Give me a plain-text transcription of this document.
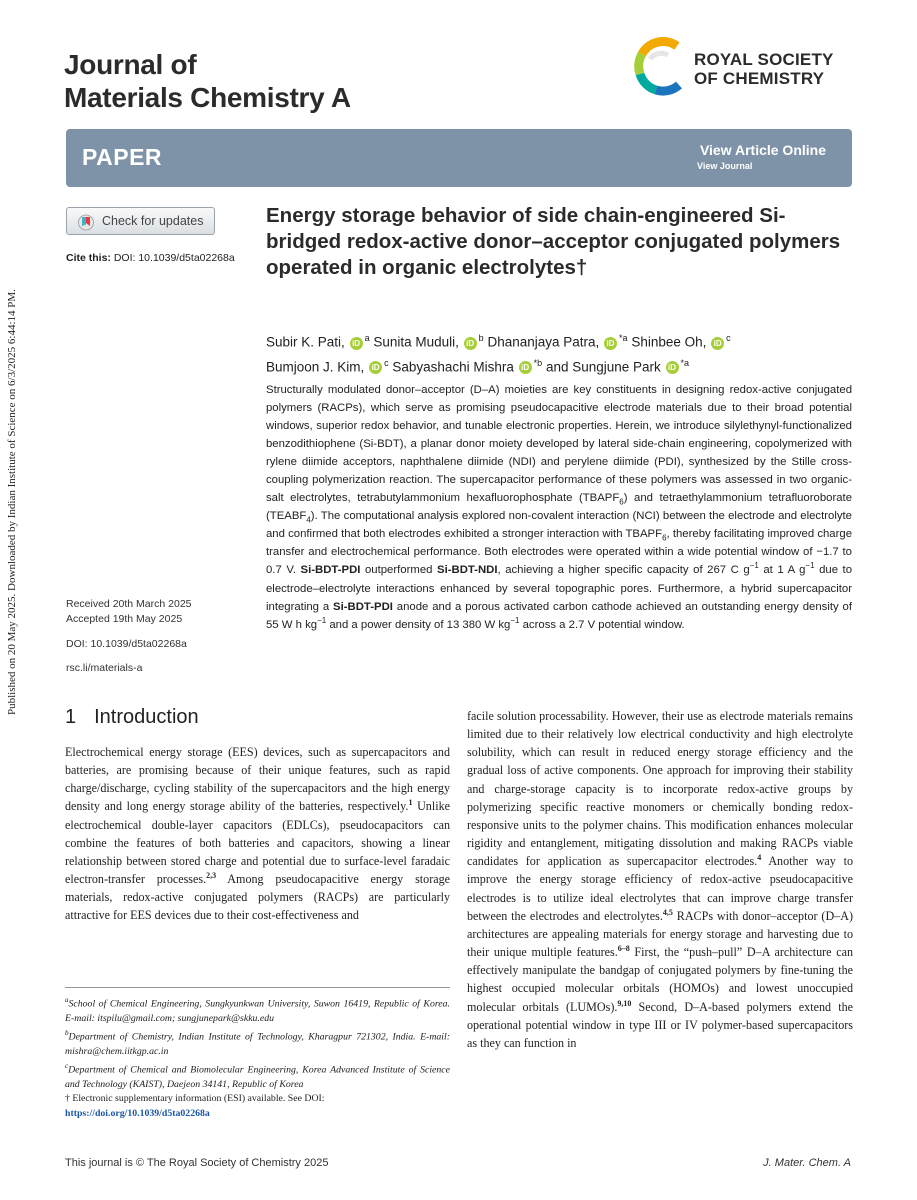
Published on 20 May 2025. Downloaded by Indian Institute of Science on 6/3/2025 6:44:14 PM.
Journal of
Materials Chemistry A
ROYAL SOCIETY
OF CHEMISTRY
PAPER	View Article Online
View Journal
Check for updates
Cite this: DOI: 10.1039/d5ta02268a
Received 20th March 2025
Accepted 19th May 2025
DOI: 10.1039/d5ta02268a
rsc.li/materials-a
Energy storage behavior of side chain-engineered Si-bridged redox-active donor–acceptor conjugated polymers operated in organic electrolytes†

Subir K. Pati, iD $^a$ Sunita Muduli, iD $^b$ Dhananjaya Patra, iD $^{*a}$ Shinbee Oh, iD $^c$
Bumjoon J. Kim, iD $^c$ Sabyashachi Mishra iD $^{*b}$ and Sungjune Park iD $^{*a}$

Structurally modulated donor–acceptor (D–A) moieties are key constituents in designing redox-active conjugated polymers (RACPs), which serve as promising pseudocapacitive electrode materials due to their broad potential windows, superior redox behavior, and tunable electronic properties. Herein, we introduce silylethynyl-functionalized benzodithiophene (Si-BDT), a planar donor moiety developed by lateral side-chain engineering, copolymerized with rylene diimide acceptors, naphthalene diimide (NDI) and perylene diimide (PDI), synthesized by the Stille cross-coupling polymerization reaction. The supercapacitor performance of these polymers was assessed in two organic-salt electrolytes, tetrabutylammonium hexafluorophosphate $(TBAPF_6)$ and tetraethylammonium tetrafluoroborate $(TEABF_4)$. The computational analysis explored non-covalent interaction (NCI) between the electrode and electrolyte and confirmed that both electrodes exhibited a stronger interaction with $TBAPF_6$, thereby facilitating improved charge transfer and electrochemical performance. Both electrodes were operated within a wide potential window of −1.7 to 0.7 V. Si-BDT-PDI outperformed Si-BDT-NDI, achieving a higher specific capacity of 267 C $g^{-1}$ at 1 A $g^{-1}$ due to electrode–electrolyte interactions enhanced by several topographic pores. Furthermore, a hybrid supercapacitor integrating a Si-BDT-PDI anode and a porous activated carbon cathode achieved an outstanding energy density of 55 W h $kg^{-1}$ and a power density of 13 380 W $kg^{-1}$ across a 2.7 V potential window.

1 Introduction

Electrochemical energy storage (EES) devices, such as supercapacitors and batteries, are promising because of their unique features, such as rapid charge/discharge, cycling stability of the supercapacitors and the high energy density and long energy storage ability of the batteries, respectively.$^1$ Unlike electrochemical double-layer capacitors (EDLCs), pseudocapacitors can combine the features of both batteries and capacitors, showing a linear relationship between stored charge and potential due to surface-level faradaic electron-transfer processes.$^{2,3}$ Among pseudocapacitive energy storage materials, redox-active conjugated polymers (RACPs) are particularly attractive for EES devices due to their cost-effectiveness and

facile solution processability. However, their use as electrode materials remains limited due to their relatively low electrical conductivity and high electrolyte solubility, which can result in reduced energy storage efficiency and the gradual loss of active components. One approach for improving their stability and charge-storage capacity is to incorporate redox-active groups by polymerizing specific reactive monomers or chemically bonding redox-responsive units to the polymer chains. This modification enhances molecular rigidity and entanglement, mitigating dissolution and making RACPs viable candidates for application as supercapacitor electrodes.$^4$ Another way to improve the energy storage efficiency of redox-active pseudocapacitive electrodes is to utilize ideal electrolytes that can improve charge transfer between the electrodes and electrolytes.$^{4,5}$ RACPs with donor–acceptor (D–A) architectures are appealing materials for energy storage and harvesting due to their unique multiple features.$^{6-8}$ First, the “push–pull” D–A architecture can effectively manipulate the bandgap of conjugated polymers by fine-tuning the highest occupied molecular orbitals (HOMOs) and lowest unoccupied molecular orbitals (LUMOs).$^{9,10}$ Second, D–A-based polymers extend the operational potential window in type III or IV polymer-based supercapacitors as they can function in

$^a$School of Chemical Engineering, Sungkyunkwan University, Suwon 16419, Republic of Korea. E-mail: itspilu@gmail.com; sungjunepark@skku.edu

$^b$Department of Chemistry, Indian Institute of Technology, Kharagpur 721302, India. E-mail: mishra@chem.iitkgp.ac.in

$^c$Department of Chemical and Biomolecular Engineering, Korea Advanced Institute of Science and Technology (KAIST), Daejeon 34141, Republic of Korea

† Electronic supplementary information (ESI) available. See DOI:
https://doi.org/10.1039/d5ta02268a

This journal is © The Royal Society of Chemistry 2025	J. Mater. Chem. A
